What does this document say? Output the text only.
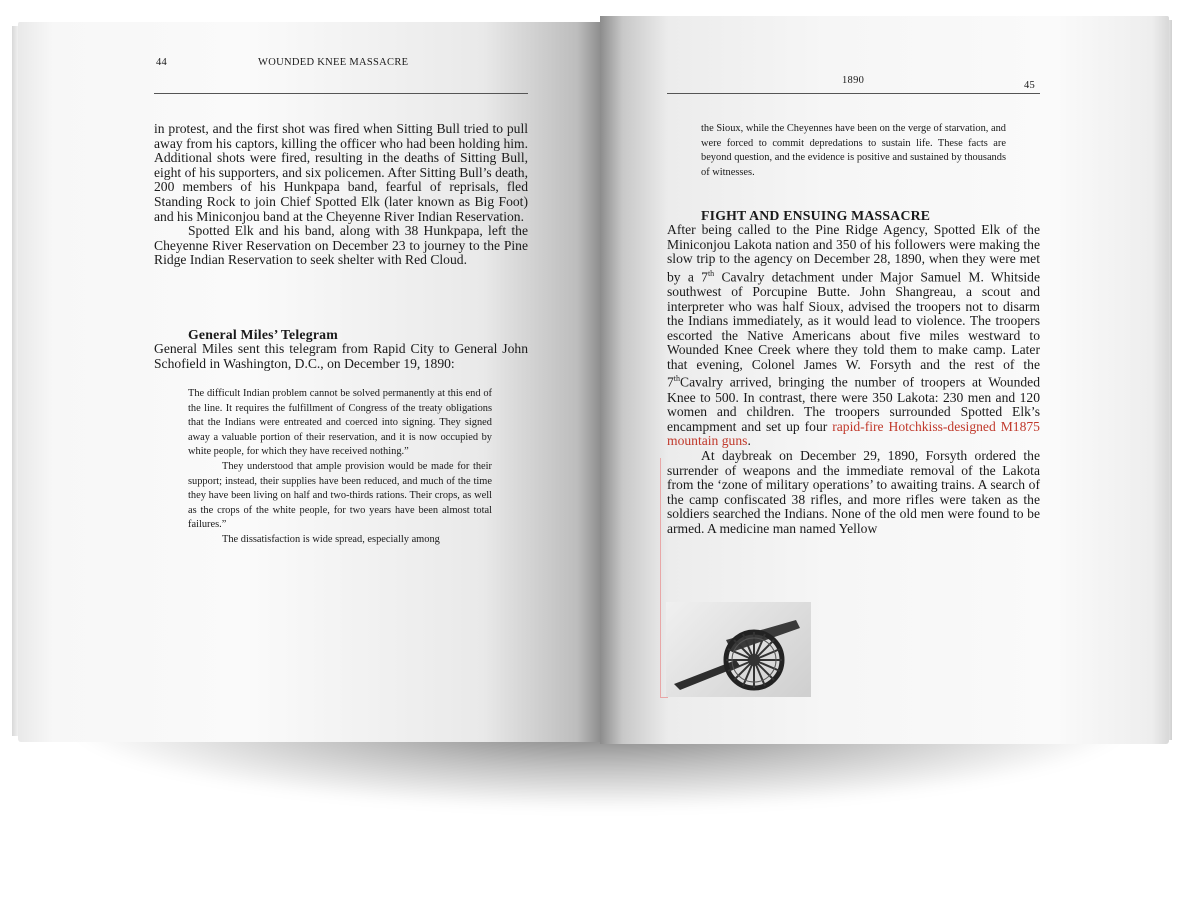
44	WOUNDED KNEE MASSACRE

in protest, and the first shot was fired when Sitting Bull tried to pull away from his captors, killing the officer who had been holding him. Additional shots were fired, resulting in the deaths of Sitting Bull, eight of his supporters, and six policemen. After Sitting Bull’s death, 200 members of his Hunkpapa band, fearful of reprisals, fled Standing Rock to join Chief Spotted Elk (later known as Big Foot) and his Miniconjou band at the Cheyenne River Indian Reservation.

Spotted Elk and his band, along with 38 Hunkpapa, left the Cheyenne River Reservation on December 23 to journey to the Pine Ridge Indian Reservation to seek shelter with Red Cloud.

General Miles’ Telegram
General Miles sent this telegram from Rapid City to General John Schofield in Washington, D.C., on December 19, 1890:

The difficult Indian problem cannot be solved permanently at this end of the line. It requires the fulfillment of Congress of the treaty obligations that the Indians were entreated and coerced into signing. They signed away a valuable portion of their reservation, and it is now occupied by white people, for which they have received nothing.”

They understood that ample provision would be made for their support; instead, their supplies have been reduced, and much of the time they have been living on half and two-thirds rations. Their crops, as well as the crops of the white people, for two years have been almost total failures.”

The dissatisfaction is wide spread, especially among

1890	45
the Sioux, while the Cheyennes have been on the verge of starvation, and were forced to commit depredations to sustain life. These facts are beyond question, and the evidence is positive and sustained by thousands of witnesses.
FIGHT AND ENSUING MASSACRE

After being called to the Pine Ridge Agency, Spotted Elk of the Miniconjou Lakota nation and 350 of his followers were making the slow trip to the agency on December 28, 1890, when they were met by a 7th Cavalry detachment under Major Samuel M. Whitside southwest of Porcupine Butte. John Shangreau, a scout and interpreter who was half Sioux, advised the troopers not to disarm the Indians immediately, as it would lead to violence. The troopers escorted the Native Americans about five miles westward to Wounded Knee Creek where they told them to make camp. Later that evening, Colonel James W. Forsyth and the rest of the 7thCavalry arrived, bringing the number of troopers at Wounded Knee to 500. In contrast, there were 350 Lakota: 230 men and 120 women and children. The troopers surrounded Spotted Elk’s encampment and set up four rapid-fire Hotchkiss-designed M1875 mountain guns.

At daybreak on December 29, 1890, Forsyth ordered the surrender of weapons and the immediate removal of the Lakota from the ‘zone of military operations’ to awaiting trains. A search of the camp confiscated 38 rifles, and more rifles were taken as the soldiers searched the Indians. None of the old men were found to be armed. A medicine man named Yellow
